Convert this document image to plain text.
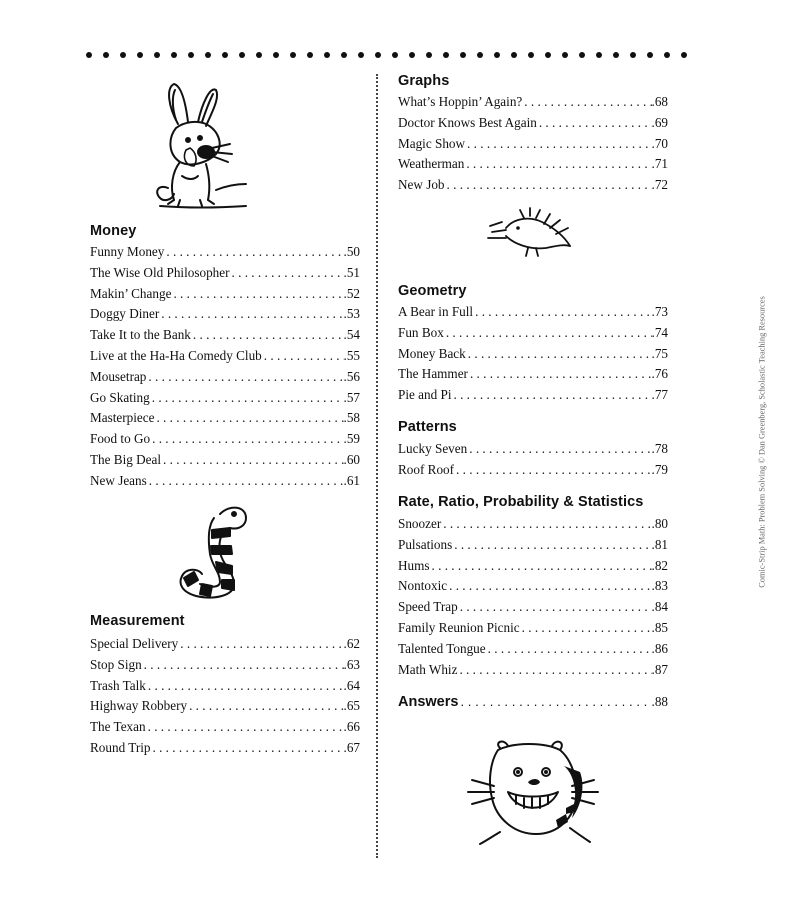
Money
Funny Money . . .	.50
The Wise Old Philosopher . . .	.51
Makin’ Change . . .	.52
Doggy Diner . . .	.53
Take It to the Bank . . .	.54
Live at the Ha-Ha Comedy Club . . .	.55
Mousetrap . . .	.56
Go Skating . . .	.57
Masterpiece . . .	.58
Food to Go . . .	.59
The Big Deal . . .	.60
New Jeans . . .	.61
Measurement
Special Delivery . . .	.62
Stop Sign . . .	.63
Trash Talk . . .	.64
Highway Robbery . . .	.65
The Texan . . .	.66
Round Trip . . .	.67
Graphs
What’s Hoppin’ Again? . . .	.68
Doctor Knows Best Again . . .	.69
Magic Show . . .	.70
Weatherman . . .	.71
New Job . . .	.72
Geometry
A Bear in Full . . .	.73
Fun Box . . .	.74
Money Back . . .	.75
The Hammer . . .	.76
Pie and Pi . . .	.77
Patterns
Lucky Seven . . .	.78
Roof Roof . . .	.79
Rate, Ratio, Probability & Statistics
Snoozer . . .	.80
Pulsations . . .	.81
Hums . . .	.82
Nontoxic . . .	.83
Speed Trap . . .	.84
Family Reunion Picnic . . .	.85
Talented Tongue . . .	.86
Math Whiz . . .	.87
Answers . . .	.88
Comic-Strip Math: Problem Solving © Dan Greenberg, Scholastic Teaching Resources
